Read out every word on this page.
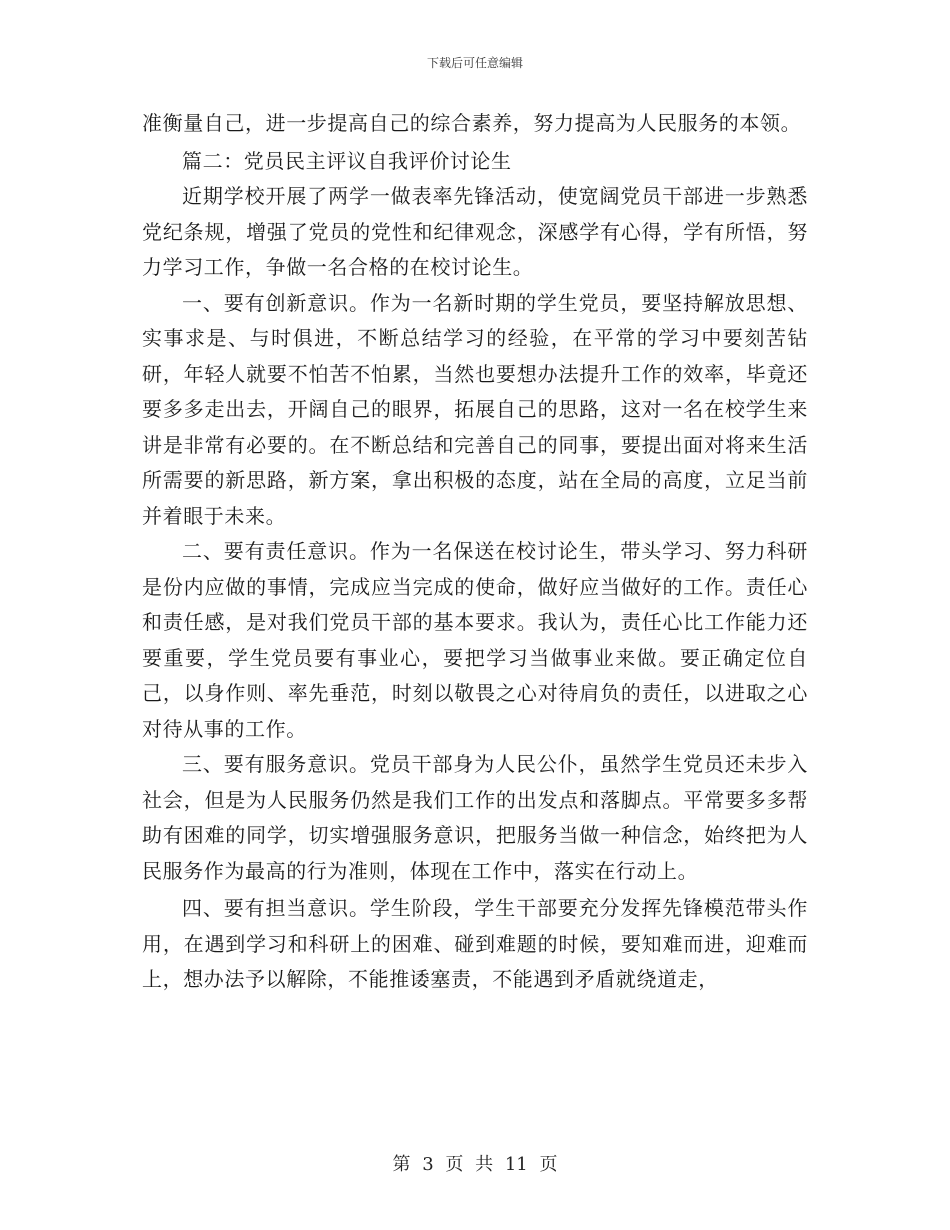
下载后可任意编辑

准衡量自己，进一步提高自己的综合素养，努力提高为人民服务的本领。

篇二：党员民主评议自我评价讨论生

近期学校开展了两学一做表率先锋活动，使宽阔党员干部进一步熟悉党纪条规，增强了党员的党性和纪律观念，深感学有心得，学有所悟，努力学习工作，争做一名合格的在校讨论生。

一、要有创新意识。作为一名新时期的学生党员，要坚持解放思想、实事求是、与时俱进，不断总结学习的经验，在平常的学习中要刻苦钻研，年轻人就要不怕苦不怕累，当然也要想办法提升工作的效率，毕竟还要多多走出去，开阔自己的眼界，拓展自己的思路，这对一名在校学生来讲是非常有必要的。在不断总结和完善自己的同事，要提出面对将来生活所需要的新思路，新方案，拿出积极的态度，站在全局的高度，立足当前并着眼于未来。

二、要有责任意识。作为一名保送在校讨论生，带头学习、努力科研是份内应做的事情，完成应当完成的使命，做好应当做好的工作。责任心和责任感，是对我们党员干部的基本要求。我认为，责任心比工作能力还要重要，学生党员要有事业心，要把学习当做事业来做。要正确定位自己，以身作则、率先垂范，时刻以敬畏之心对待肩负的责任，以进取之心对待从事的工作。

三、要有服务意识。党员干部身为人民公仆，虽然学生党员还未步入社会，但是为人民服务仍然是我们工作的出发点和落脚点。平常要多多帮助有困难的同学，切实增强服务意识，把服务当做一种信念，始终把为人民服务作为最高的行为准则，体现在工作中，落实在行动上。

四、要有担当意识。学生阶段，学生干部要充分发挥先锋模范带头作用，在遇到学习和科研上的困难、碰到难题的时候，要知难而进，迎难而上，想办法予以解除，不能推诿塞责，不能遇到矛盾就绕道走，

第 3 页 共 11 页
